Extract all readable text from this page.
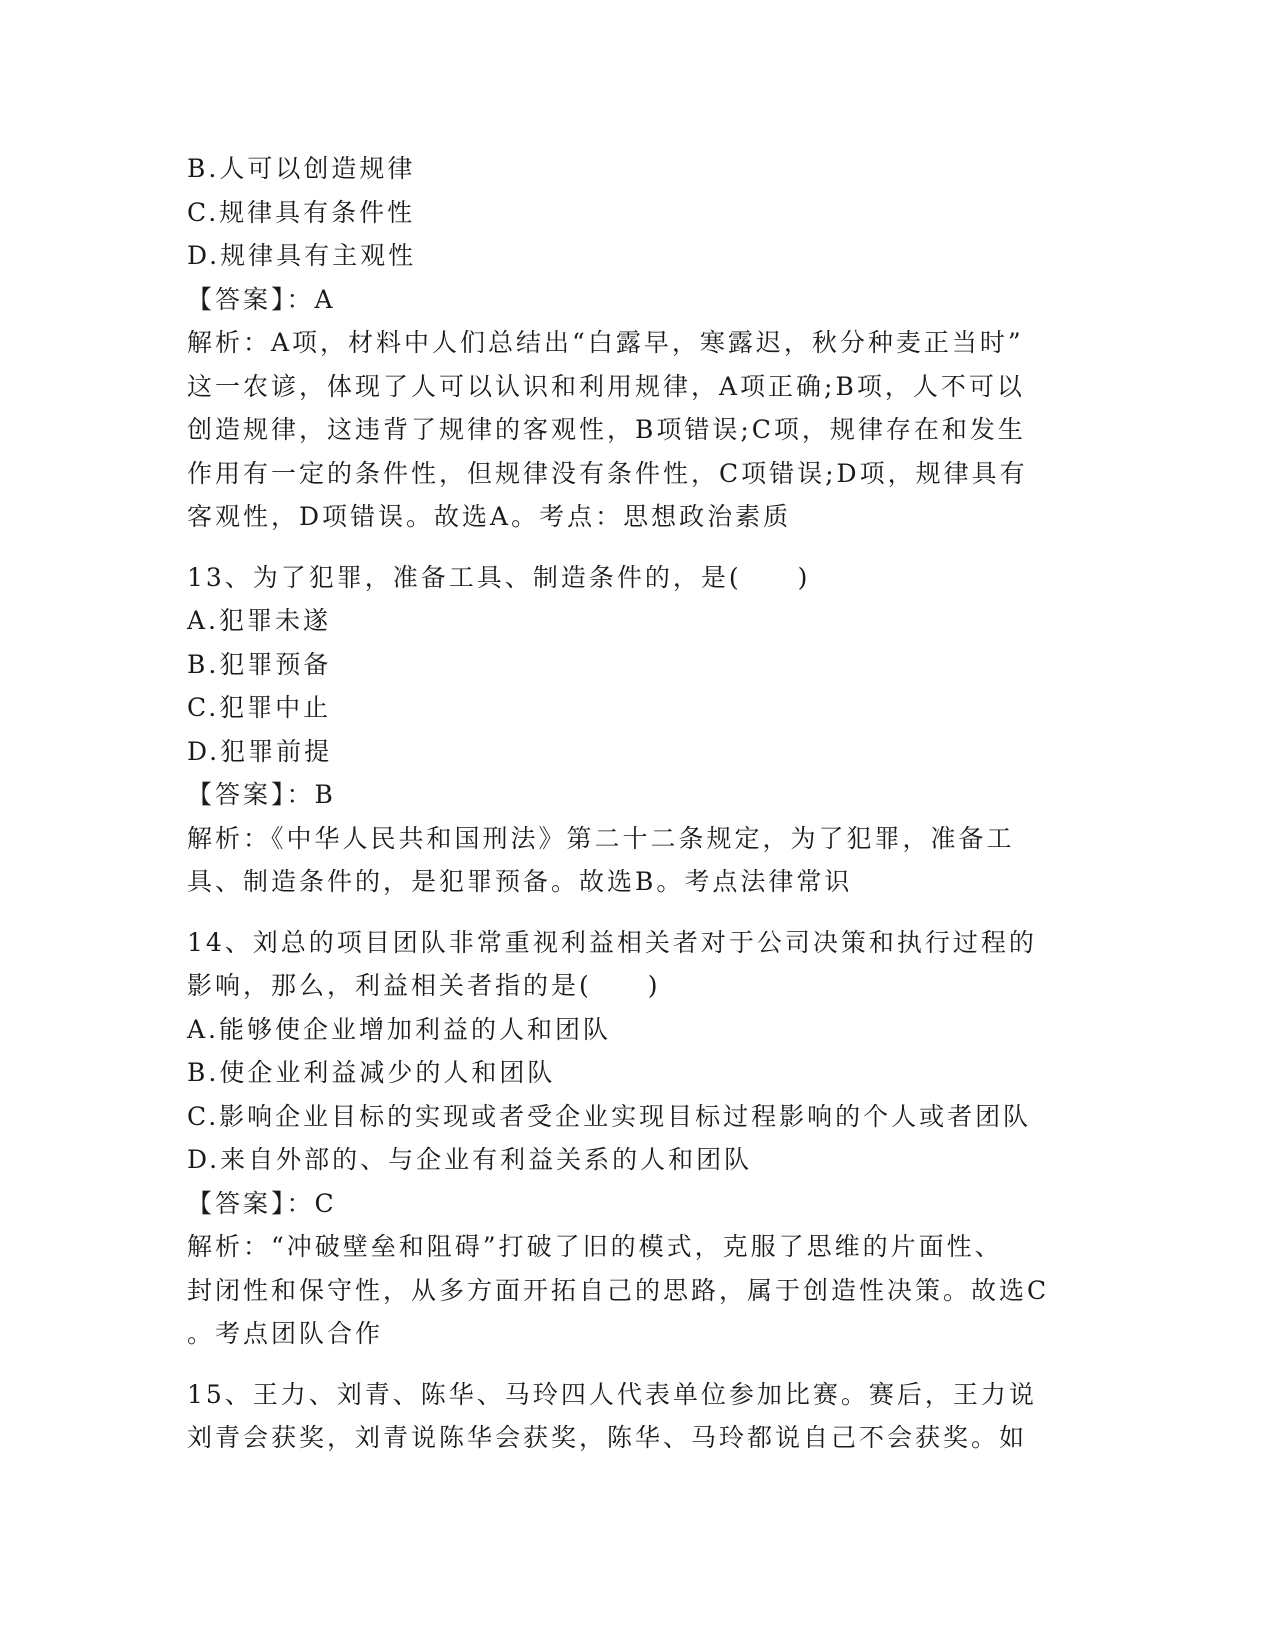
B.人可以创造规律
C.规律具有条件性
D.规律具有主观性
【答案】：A
解析：A项，材料中人们总结出“白露早，寒露迟，秋分种麦正当时”
这一农谚，体现了人可以认识和利用规律，A项正确;B项，人不可以
创造规律，这违背了规律的客观性，B项错误;C项，规律存在和发生
作用有一定的条件性，但规律没有条件性，C项错误;D项，规律具有
客观性，D项错误。故选A。考点：思想政治素质
13、为了犯罪，准备工具、制造条件的，是(　　)
A.犯罪未遂
B.犯罪预备
C.犯罪中止
D.犯罪前提
【答案】：B
解析：《中华人民共和国刑法》第二十二条规定，为了犯罪，准备工
具、制造条件的，是犯罪预备。故选B。考点法律常识
14、刘总的项目团队非常重视利益相关者对于公司决策和执行过程的
影响，那么，利益相关者指的是(　　)
A.能够使企业增加利益的人和团队
B.使企业利益减少的人和团队
C.影响企业目标的实现或者受企业实现目标过程影响的个人或者团队
D.来自外部的、与企业有利益关系的人和团队
【答案】：C
解析：“冲破壁垒和阻碍”打破了旧的模式，克服了思维的片面性、
封闭性和保守性，从多方面开拓自己的思路，属于创造性决策。故选C
。考点团队合作
15、王力、刘青、陈华、马玲四人代表单位参加比赛。赛后，王力说
刘青会获奖，刘青说陈华会获奖，陈华、马玲都说自己不会获奖。如
